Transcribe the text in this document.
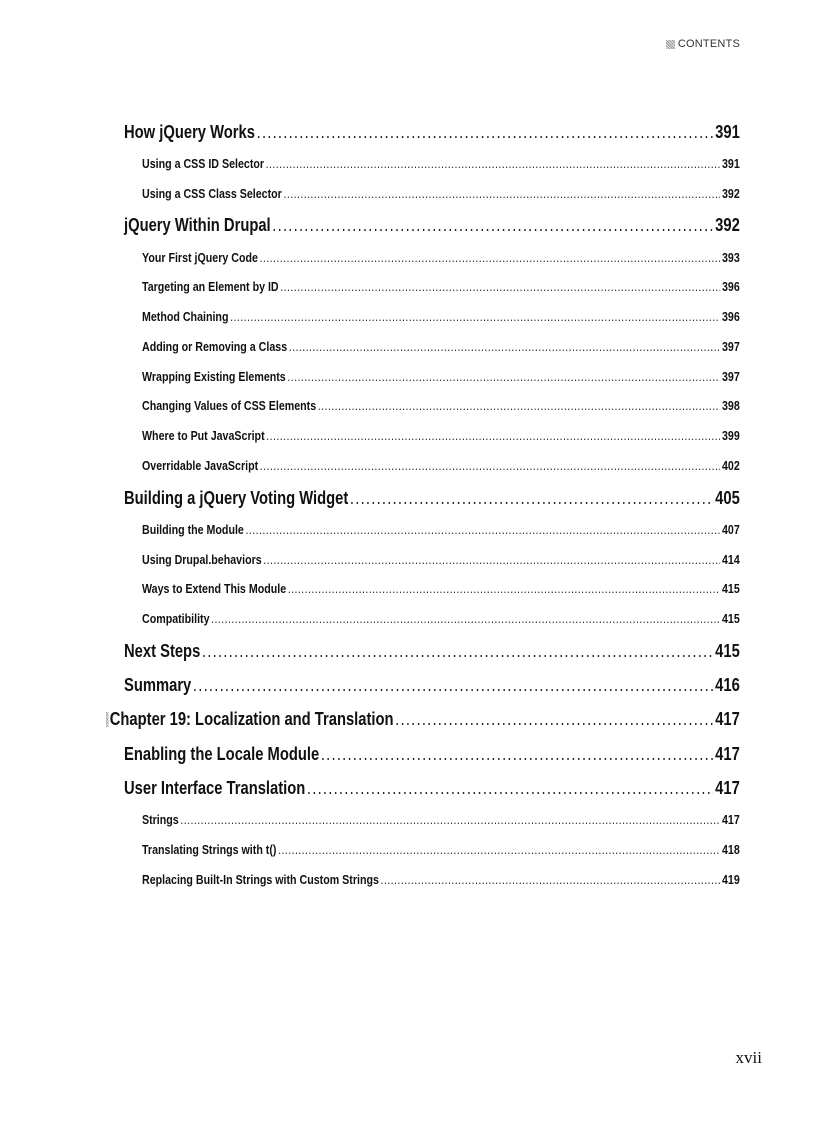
CONTENTS
How jQuery Works .....	391
Using a CSS ID Selector .....	391
Using a CSS Class Selector .....	392
jQuery Within Drupal .....	392
Your First jQuery Code .....	393
Targeting an Element by ID .....	396
Method Chaining .....	396
Adding or Removing a Class .....	397
Wrapping Existing Elements .....	397
Changing Values of CSS Elements .....	398
Where to Put JavaScript .....	399
Overridable JavaScript .....	402
Building a jQuery Voting Widget .....	405
Building the Module .....	407
Using Drupal.behaviors .....	414
Ways to Extend This Module .....	415
Compatibility .....	415
Next Steps .....	415
Summary .....	416
Chapter 19: Localization and Translation .....	417
Enabling the Locale Module .....	417
User Interface Translation .....	417
Strings .....	417
Translating Strings with t() .....	418
Replacing Built-In Strings with Custom Strings .....	419
xvii
